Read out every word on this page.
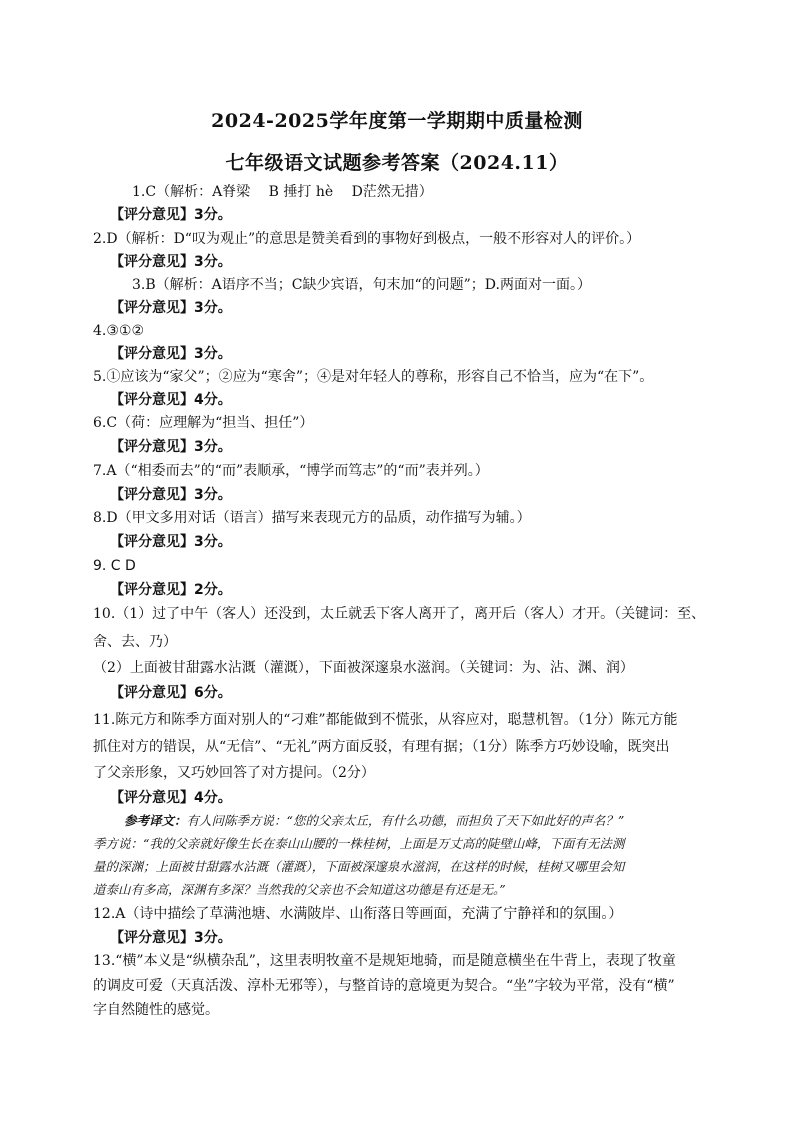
2024-2025学年度第一学期期中质量检测
七年级语文试题参考答案（2024.11）
1.C（解析：A脊梁　 B 捶打 hè　 D茫然无措）
【评分意见】3分。
2.D（解析：D“叹为观止”的意思是赞美看到的事物好到极点，一般不形容对人的评价。）
【评分意见】3分。
3.B（解析：A语序不当；C缺少宾语，句末加“的问题”；D.两面对一面。）
【评分意见】3分。
4.③①②
【评分意见】3分。
5.①应该为“家父”；②应为“寒舍”；④是对年轻人的尊称，形容自己不恰当，应为“在下”。
【评分意见】4分。
6.C（荷：应理解为“担当、担任”）
【评分意见】3分。
7.A（“相委而去”的“而”表顺承，“博学而笃志”的“而”表并列。）
【评分意见】3分。
8.D（甲文多用对话（语言）描写来表现元方的品质，动作描写为辅。）
【评分意见】3分。
9. C D
【评分意见】2分。
10.（1）过了中午（客人）还没到，太丘就丢下客人离开了，离开后（客人）才开。（关键词：至、
舍、去、乃）
（2）上面被甘甜露水沾溉（灌溉），下面被深邃泉水滋润。（关键词：为、沾、渊、润）
【评分意见】6分。
11.陈元方和陈季方面对别人的“刁难”都能做到不慌张，从容应对，聪慧机智。（1分）陈元方能
抓住对方的错误，从“无信”、“无礼”两方面反驳，有理有据；（1分）陈季方巧妙设喻，既突出
了父亲形象，又巧妙回答了对方提问。（2分）
【评分意见】4分。
参考译文：有人问陈季方说：“您的父亲太丘，有什么功德，而担负了天下如此好的声名？”
季方说：“我的父亲就好像生长在泰山山腰的一株桂树，上面是万丈高的陡壁山峰，下面有无法测
量的深渊；上面被甘甜露水沾溉（灌溉），下面被深邃泉水滋润，在这样的时候，桂树又哪里会知
道泰山有多高，深渊有多深？当然我的父亲也不会知道这功德是有还是无。”
12.A（诗中描绘了草满池塘、水满陂岸、山衔落日等画面，充满了宁静祥和的氛围。）
【评分意见】3分。
13.“横”本义是“纵横杂乱”，这里表明牧童不是规矩地骑，而是随意横坐在牛背上，表现了牧童
的调皮可爱（天真活泼、淳朴无邪等），与整首诗的意境更为契合。“坐”字较为平常，没有“横”
字自然随性的感觉。
